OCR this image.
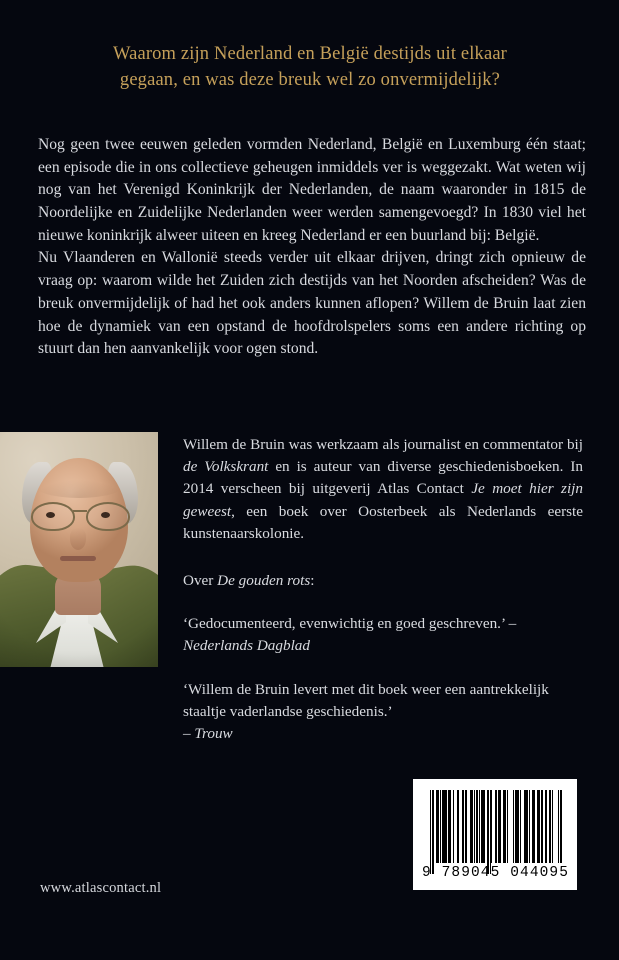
Waarom zijn Nederland en België destijds uit elkaar
gegaan, en was deze breuk wel zo onvermijdelijk?

Nog geen twee eeuwen geleden vormden Nederland, België en Luxemburg één staat; een episode die in ons collectieve geheugen inmiddels ver is weggezakt. Wat weten wij nog van het Verenigd Koninkrijk der Nederlanden, de naam waaronder in 1815 de Noordelijke en Zuidelijke Nederlanden weer werden samengevoegd? In 1830 viel het nieuwe koninkrijk alweer uiteen en kreeg Nederland er een buurland bij: België.

Nu Vlaanderen en Wallonië steeds verder uit elkaar drijven, dringt zich opnieuw de vraag op: waarom wilde het Zuiden zich destijds van het Noorden afscheiden? Was de breuk onvermijdelijk of had het ook anders kunnen aflopen? Willem de Bruin laat zien hoe de dynamiek van een opstand de hoofdrolspelers soms een andere richting op stuurt dan hen aanvankelijk voor ogen stond.

Willem de Bruin was werkzaam als journalist en commentator bij de Volkskrant en is auteur van diverse geschiedenisboeken. In 2014 verscheen bij uitgeverij Atlas Contact Je moet hier zijn geweest, een boek over Oosterbeek als Nederlands eerste kunstenaarskolonie.

Over De gouden rots:

‘Gedocumenteerd, evenwichtig en goed geschreven.’ – Nederlands Dagblad

‘Willem de Bruin levert met dit boek weer een aantrekkelijk staaltje vaderlandse geschiedenis.’
– Trouw

9 789045 044095
www.atlascontact.nl
